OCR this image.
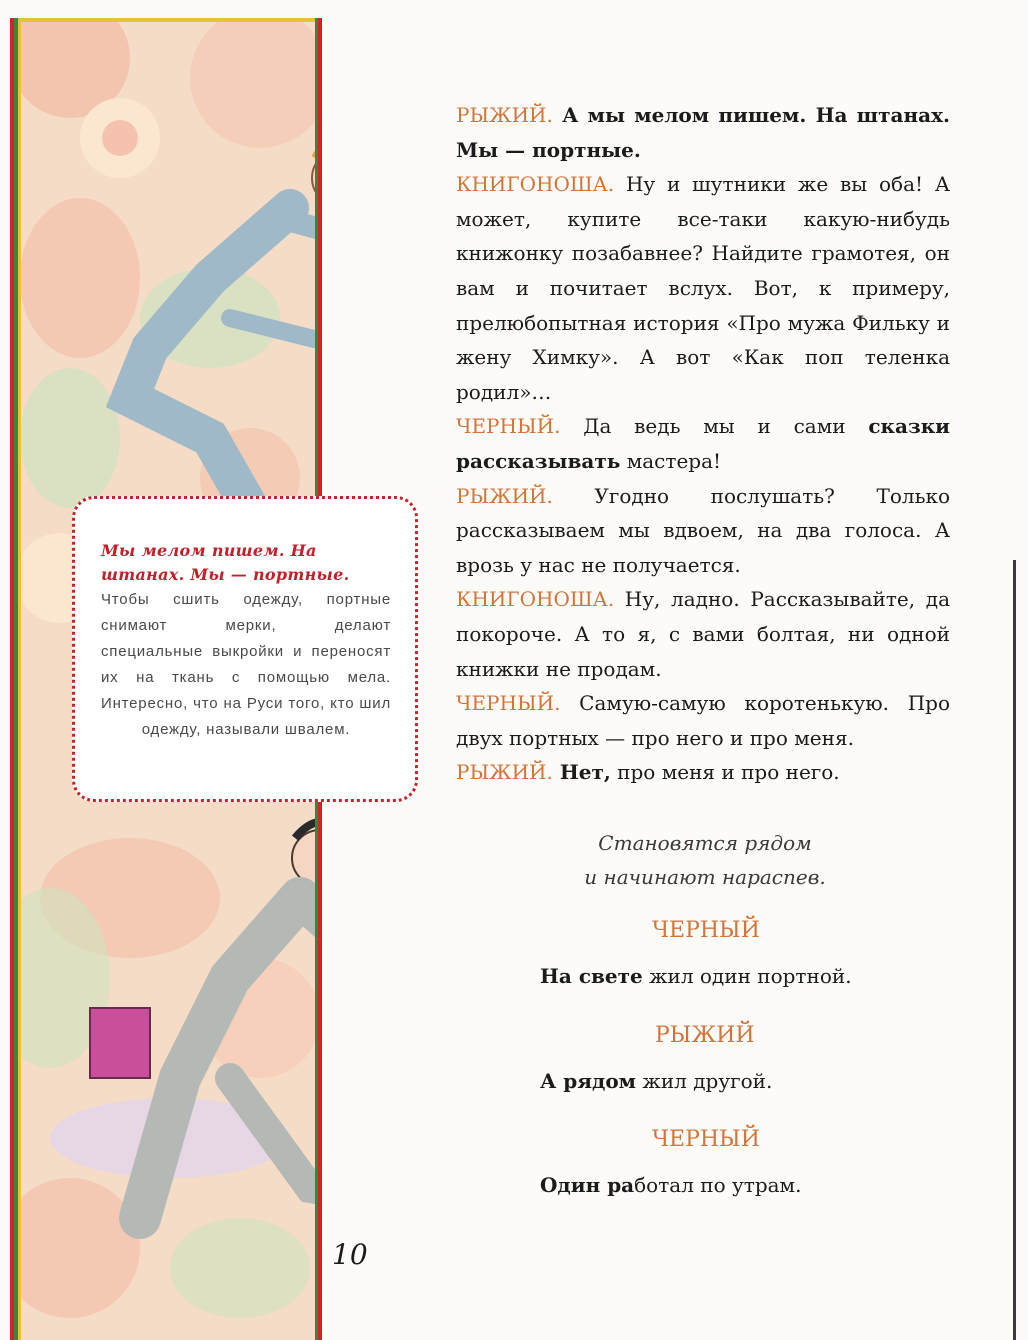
Мы мелом пишем. На штанах. Мы — портные.
Чтобы сшить одежду, портные снимают мерки, делают специальные выкройки и переносят их на ткань с помощью мела. Интересно, что на Руси того, кто шил одежду, называли швалем.

РЫЖИЙ. А мы мелом пишем. На штанах. Мы — портные.

КНИГОНОША. Ну и шутники же вы оба! А может, купите все-таки какую-нибудь книжонку позабавнее? Найдите грамотея, он вам и почитает вслух. Вот, к примеру, прелюбопытная история «Про мужа Фильку и жену Химку». А вот «Как поп теленка родил»…

ЧЕРНЫЙ. Да ведь мы и сами сказки рассказывать мастера!

РЫЖИЙ. Угодно послушать? Только рассказываем мы вдвоем, на два голоса. А врозь у нас не получается.

КНИГОНОША. Ну, ладно. Рассказывайте, да покороче. А то я, с вами болтая, ни одной книжки не продам.

ЧЕРНЫЙ. Самую-самую коротенькую. Про двух портных — про него и про меня.

РЫЖИЙ. Нет, про меня и про него.

Становятся рядом
и начинают нараспев.
ЧЕРНЫЙ
На свете жил один портной.
РЫЖИЙ
А рядом жил другой.
ЧЕРНЫЙ
Один работал по утрам.
10
